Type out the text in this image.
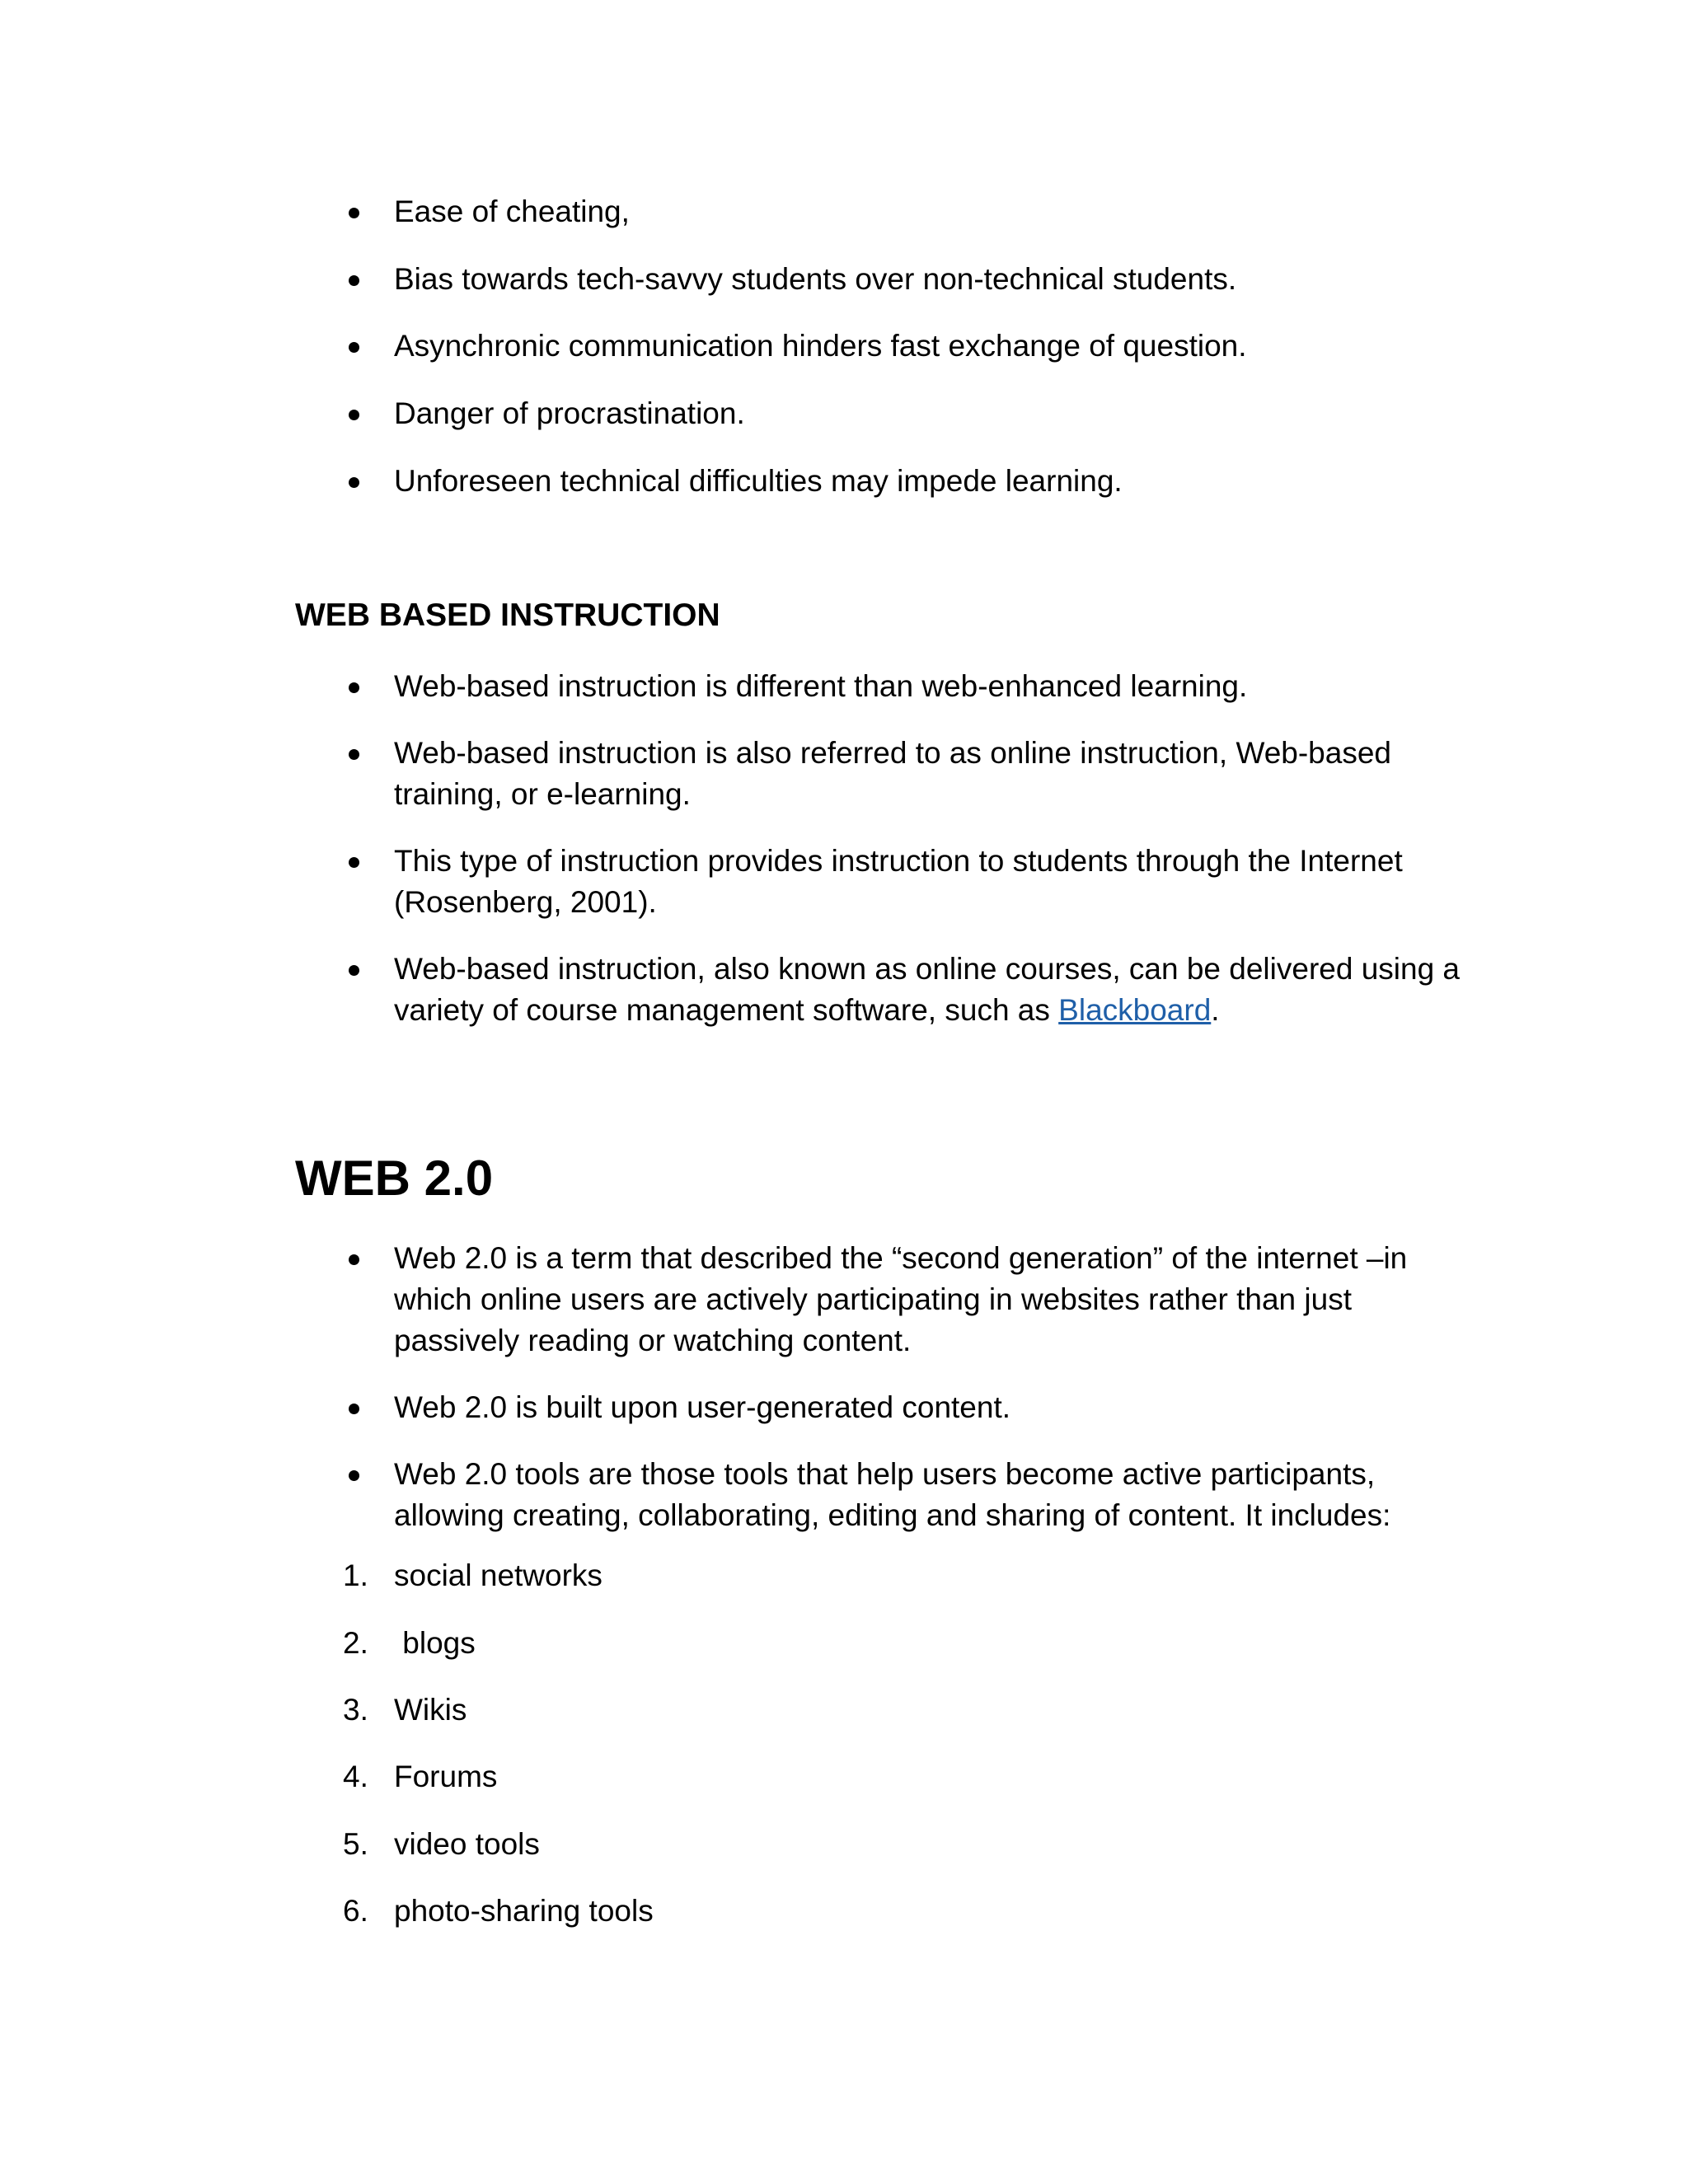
Ease of cheating,
Bias towards tech-savvy students over non-technical students.
Asynchronic communication hinders fast exchange of question.
Danger of procrastination.
Unforeseen technical difficulties may impede learning.
WEB BASED INSTRUCTION
Web-based instruction is different than web-enhanced learning.
Web-based instruction is also referred to as online instruction, Web-based training, or e-learning.
This type of instruction provides instruction to students through the Internet (Rosenberg, 2001).
Web-based instruction, also known as online courses, can be delivered using a variety of course management software, such as Blackboard.
WEB 2.0
Web 2.0 is a term that described the “second generation” of the internet –in which online users are actively participating in websites rather than just passively reading or watching content.
Web 2.0 is built upon user-generated content.
Web 2.0 tools are those tools that help users become active participants, allowing creating, collaborating, editing and sharing of content. It includes:
1. social networks
2. blogs
3. Wikis
4. Forums
5. video tools
6. photo-sharing tools
